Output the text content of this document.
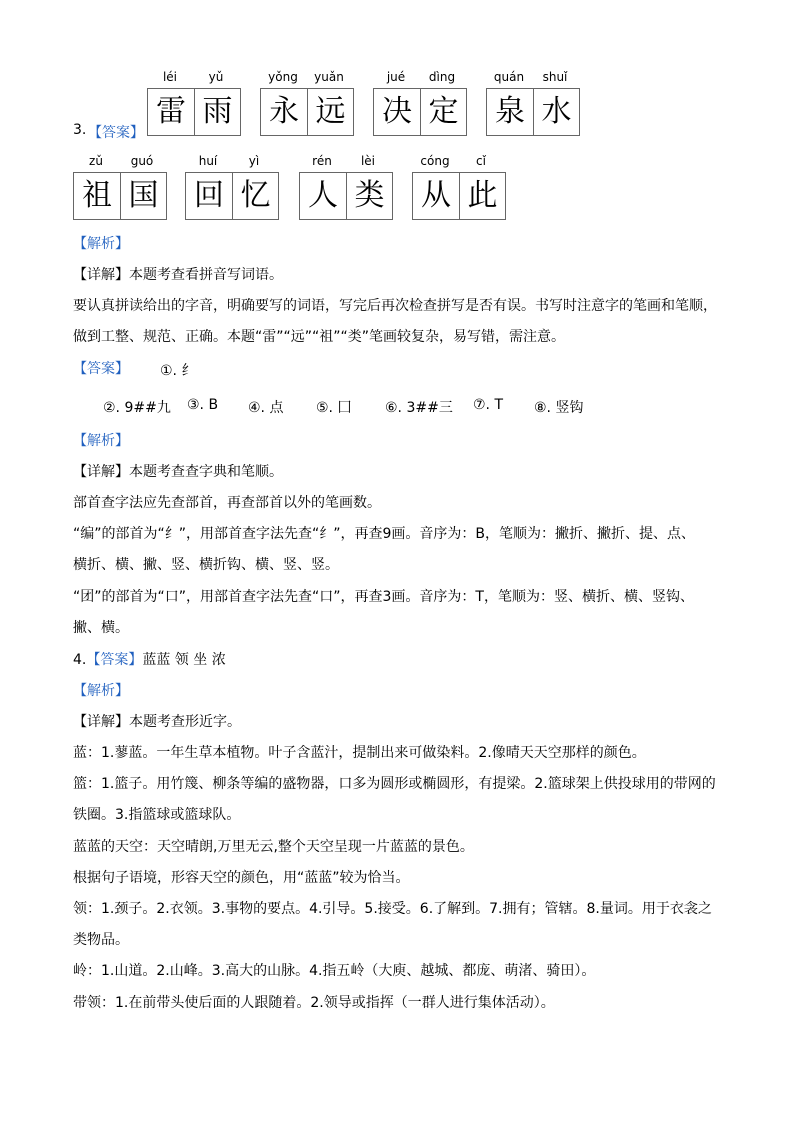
léi	yǔ
雷 雨
yǒng	yuǎn
永 远
jué	dìng
决 定
quán	shuǐ
泉 水
3. 【答案】
zǔ	guó
祖 国
huí	yì
回 忆
rén	lèi
人 类
cóng	cǐ
从 此
【解析】
【详解】本题考查看拼音写词语。
要认真拼读给出的字音，明确要写的词语，写完后再次检查拼写是否有误。书写时注意字的笔画和笔顺，
做到工整、规范、正确。本题“雷”“远”“祖”“类”笔画较复杂，易写错，需注意。
【答案】 ①. 纟
②. 9##九 ③. B ④. 点 ⑤. 囗 ⑥. 3##三 ⑦. T ⑧. 竖钩
【解析】
【详解】本题考查查字典和笔顺。
部首查字法应先查部首，再查部首以外的笔画数。
“编”的部首为“纟”，用部首查字法先查“纟”，再查9画。音序为：B，笔顺为：撇折、撇折、提、点、
横折、横、撇、竖、横折钩、横、竖、竖。
“团”的部首为“口”，用部首查字法先查“口”，再查3画。音序为：T，笔顺为：竖、横折、横、竖钩、
撇、横。
4.【答案】蓝蓝 领 坐 浓
【解析】
【详解】本题考查形近字。
蓝：1.蓼蓝。一年生草本植物。叶子含蓝汁，提制出来可做染料。2.像晴天天空那样的颜色。
篮：1.篮子。用竹篾、柳条等编的盛物器，口多为圆形或椭圆形，有提梁。2.篮球架上供投球用的带网的
铁圈。3.指篮球或篮球队。
蓝蓝的天空：天空晴朗,万里无云,整个天空呈现一片蓝蓝的景色。
根据句子语境，形容天空的颜色，用“蓝蓝”较为恰当。
领：1.颈子。2.衣领。3.事物的要点。4.引导。5.接受。6.了解到。7.拥有；管辖。8.量词。用于衣衾之
类物品。
岭：1.山道。2.山峰。3.高大的山脉。4.指五岭（大庾、越城、都庞、萌渚、骑田）。
带领：1.在前带头使后面的人跟随着。2.领导或指挥（一群人进行集体活动）。
